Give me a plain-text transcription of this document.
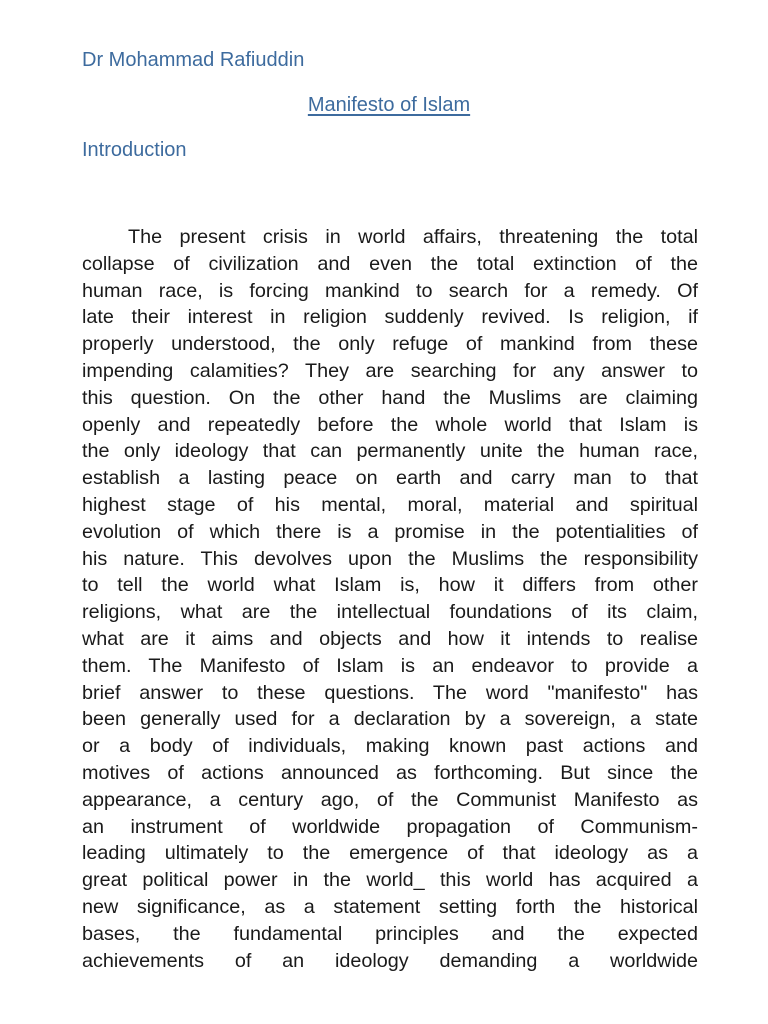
Dr Mohammad Rafiuddin
Manifesto of Islam
Introduction
The present crisis in world affairs, threatening the total
collapse of civilization and even the total extinction of the
human race, is forcing mankind to search for a remedy. Of
late their interest in religion suddenly revived. Is religion, if
properly understood, the only refuge of mankind from these
impending calamities? They are searching for any answer to
this question. On the other hand the Muslims are claiming
openly and repeatedly before the whole world that Islam is
the only ideology that can permanently unite the human race,
establish a lasting peace on earth and carry man to that
highest stage of his mental, moral, material and spiritual
evolution of which there is a promise in the potentialities of
his nature. This devolves upon the Muslims the responsibility
to tell the world what Islam is, how it differs from other
religions, what are the intellectual foundations of its claim,
what are it aims and objects and how it intends to realise
them. The Manifesto of Islam is an endeavor to provide a
brief answer to these questions. The word "manifesto" has
been generally used for a declaration by a sovereign, a state
or a body of individuals, making known past actions and
motives of actions announced as forthcoming. But since the
appearance, a century ago, of the Communist Manifesto as
an instrument of worldwide propagation of Communism-
leading ultimately to the emergence of that ideology as a
great political power in the world_ this world has acquired a
new significance, as a statement setting forth the historical
bases, the fundamental principles and the expected
achievements of an ideology demanding a worldwide
